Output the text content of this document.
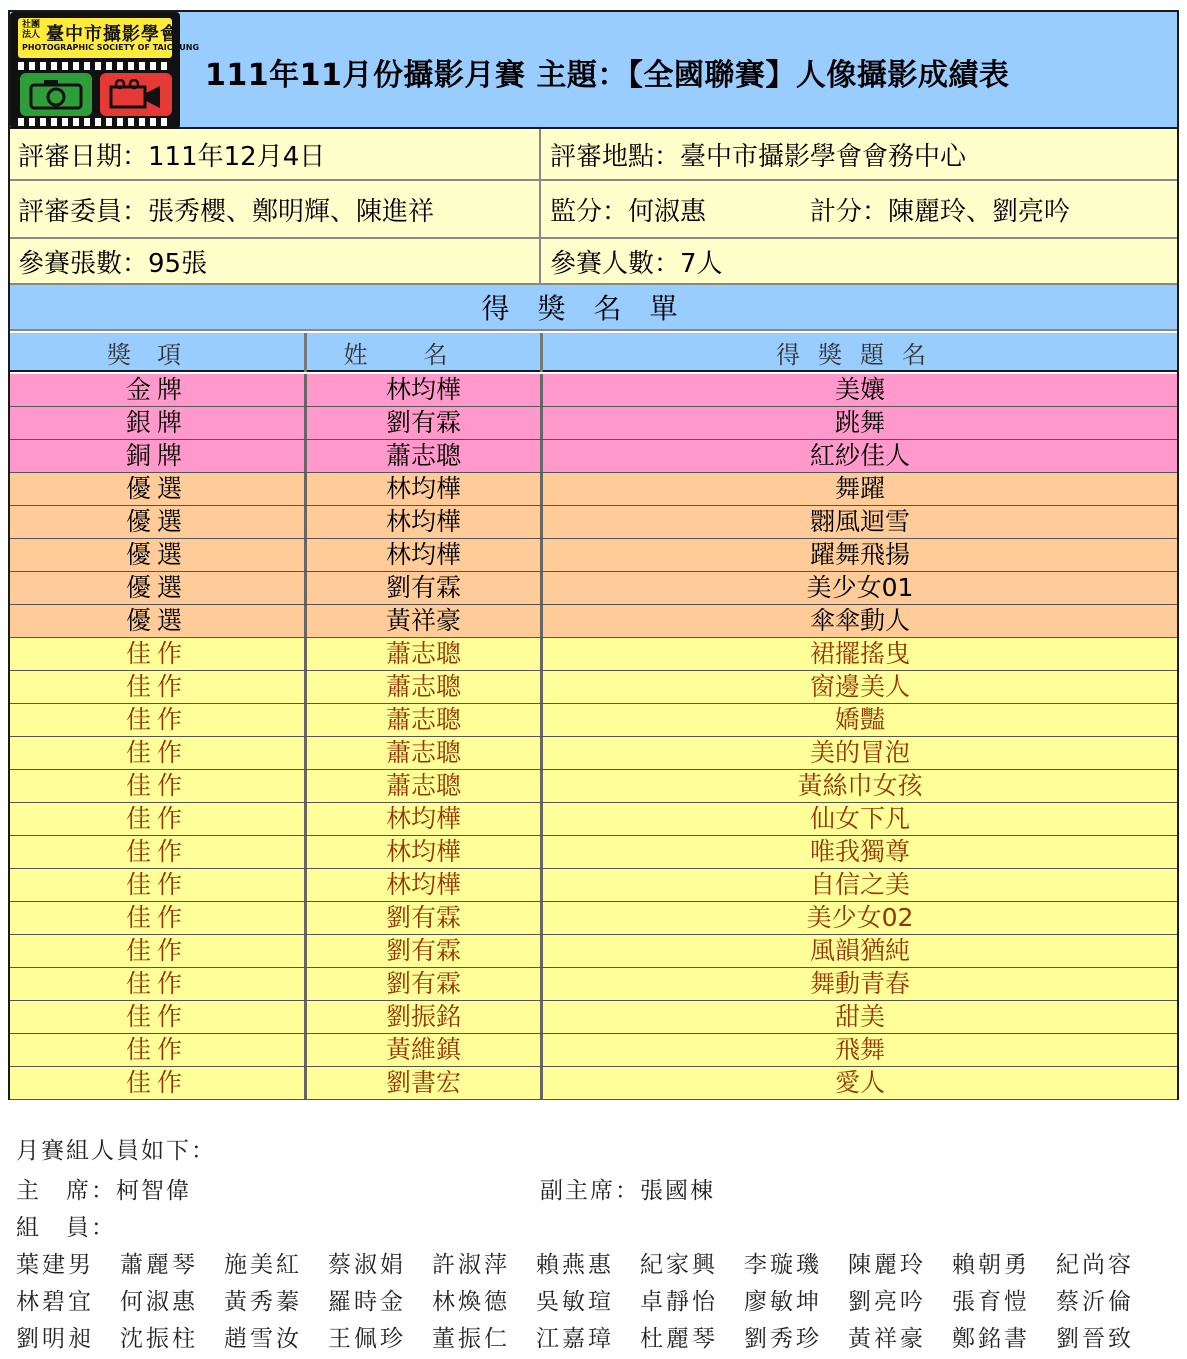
社團法人 臺中市攝影學會
PHOTOGRAPHIC SOCIETY OF TAICHUNG
111年11月份攝影月賽 主題：【全國聯賽】人像攝影成績表
評審日期：111年12月4日	評審地點：臺中市攝影學會會務中心
評審委員：張秀櫻、鄭明輝、陳進祥	監分：何淑惠	計分：陳麗玲、劉亮吟
參賽張數：95張	參賽人數：7人
得獎名單
獎項	姓名	得獎題名
金牌	林均樺	美孃
銀牌	劉有霖	跳舞
銅牌	蕭志聰	紅紗佳人
優選	林均樺	舞躍
優選	林均樺	翾風迴雪
優選	林均樺	躍舞飛揚
優選	劉有霖	美少女01
優選	黃祥豪	傘傘動人
佳作	蕭志聰	裙擺搖曳
佳作	蕭志聰	窗邊美人
佳作	蕭志聰	嬌豔
佳作	蕭志聰	美的冒泡
佳作	蕭志聰	黃絲巾女孩
佳作	林均樺	仙女下凡
佳作	林均樺	唯我獨尊
佳作	林均樺	自信之美
佳作	劉有霖	美少女02
佳作	劉有霖	風韻猶純
佳作	劉有霖	舞動青春
佳作	劉振銘	甜美
佳作	黃維鎮	飛舞
佳作	劉書宏	愛人
月賽組人員如下：
主　席：柯智偉	副主席：張國棟
組　員：
葉建男	蕭麗琴	施美紅	蔡淑娟	許淑萍	賴燕惠	紀家興	李璇璣	陳麗玲	賴朝勇	紀尚容
林碧宜	何淑惠	黃秀蓁	羅時金	林煥德	吳敏瑄	卓靜怡	廖敏坤	劉亮吟	張育愷	蔡沂倫
劉明昶	沈振柱	趙雪汝	王佩珍	董振仁	江嘉璋	杜麗琴	劉秀珍	黃祥豪	鄭銘書	劉晉致
